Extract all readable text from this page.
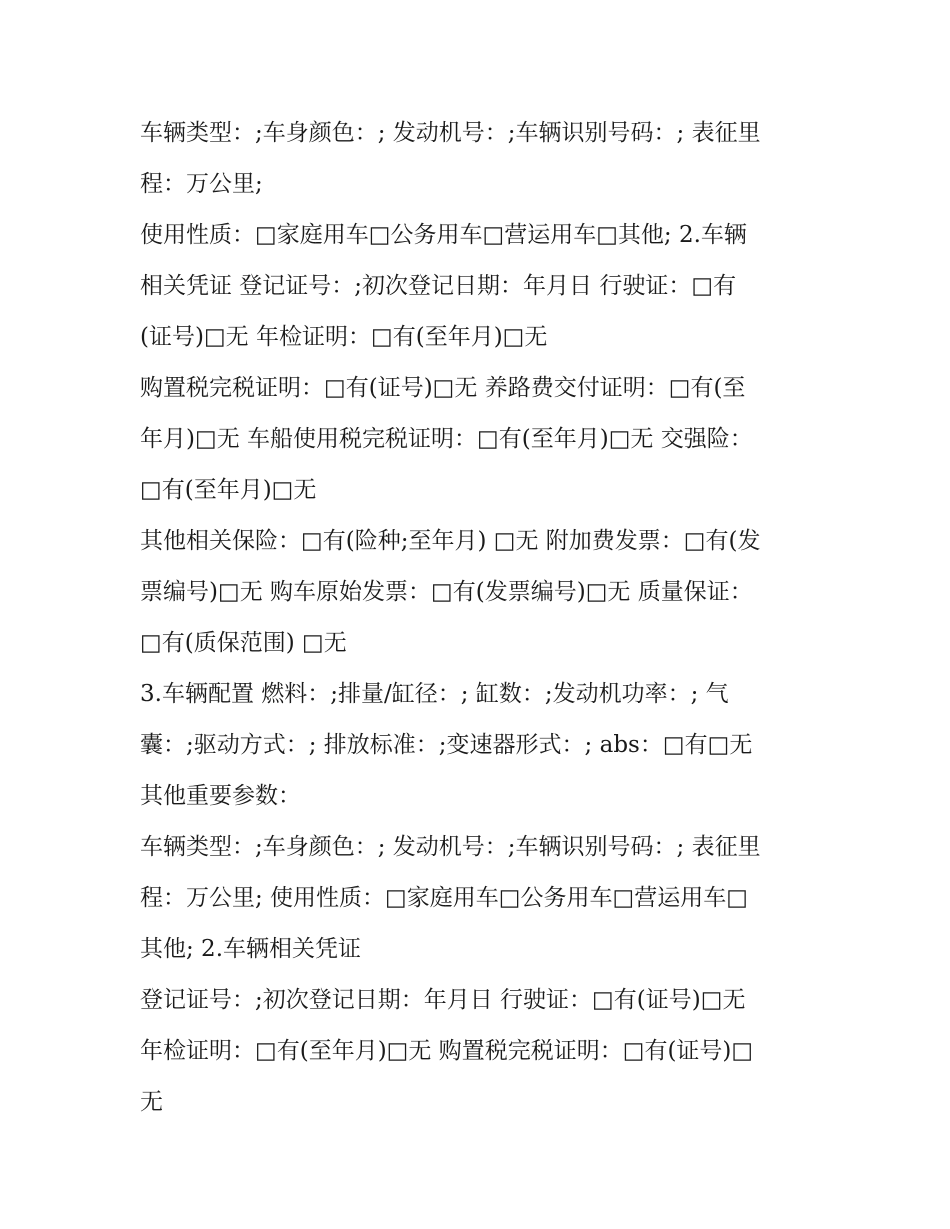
车辆类型：;车身颜色：; 发动机号：;车辆识别号码：; 表征里
程：万公里;
使用性质：□家庭用车□公务用车□营运用车□其他; 2.车辆
相关凭证 登记证号：;初次登记日期：年月日 行驶证：□有
(证号)□无 年检证明：□有(至年月)□无
购置税完税证明：□有(证号)□无 养路费交付证明：□有(至
年月)□无 车船使用税完税证明：□有(至年月)□无 交强险：
□有(至年月)□无
其他相关保险：□有(险种;至年月) □无 附加费发票：□有(发
票编号)□无 购车原始发票：□有(发票编号)□无 质量保证：
□有(质保范围) □无
3.车辆配置 燃料：;排量/缸径：; 缸数：;发动机功率：; 气
囊：;驱动方式：; 排放标准：;变速器形式：; abs：□有□无
其他重要参数：
车辆类型：;车身颜色：; 发动机号：;车辆识别号码：; 表征里
程：万公里; 使用性质：□家庭用车□公务用车□营运用车□
其他; 2.车辆相关凭证
登记证号：;初次登记日期：年月日 行驶证：□有(证号)□无
年检证明：□有(至年月)□无 购置税完税证明：□有(证号)□
无
